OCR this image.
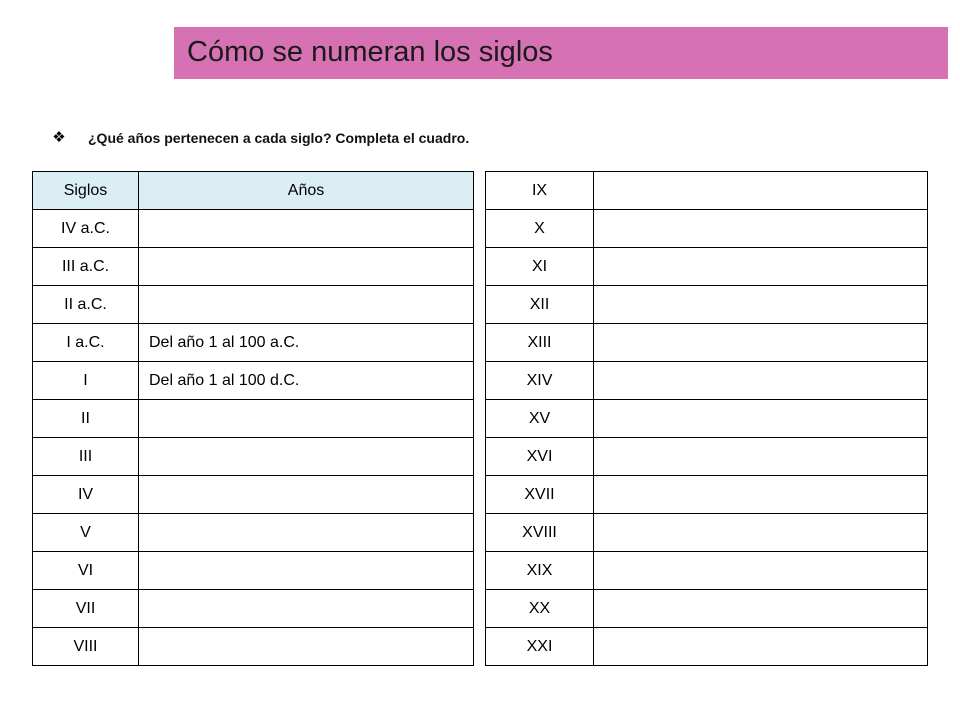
Cómo se numeran los siglos
❖ ¿Qué años pertenecen a cada siglo? Completa el cuadro.
Siglos	Años
IV a.C.	
III a.C.	
II a.C.	
I a.C.	Del año 1 al 100 a.C.
I	Del año 1 al 100 d.C.
II	
III	
IV	
V	
VI	
VII	
VIII	
IX	
X	
XI	
XII	
XIII	
XIV	
XV	
XVI	
XVII	
XVIII	
XIX	
XX	
XXI	
